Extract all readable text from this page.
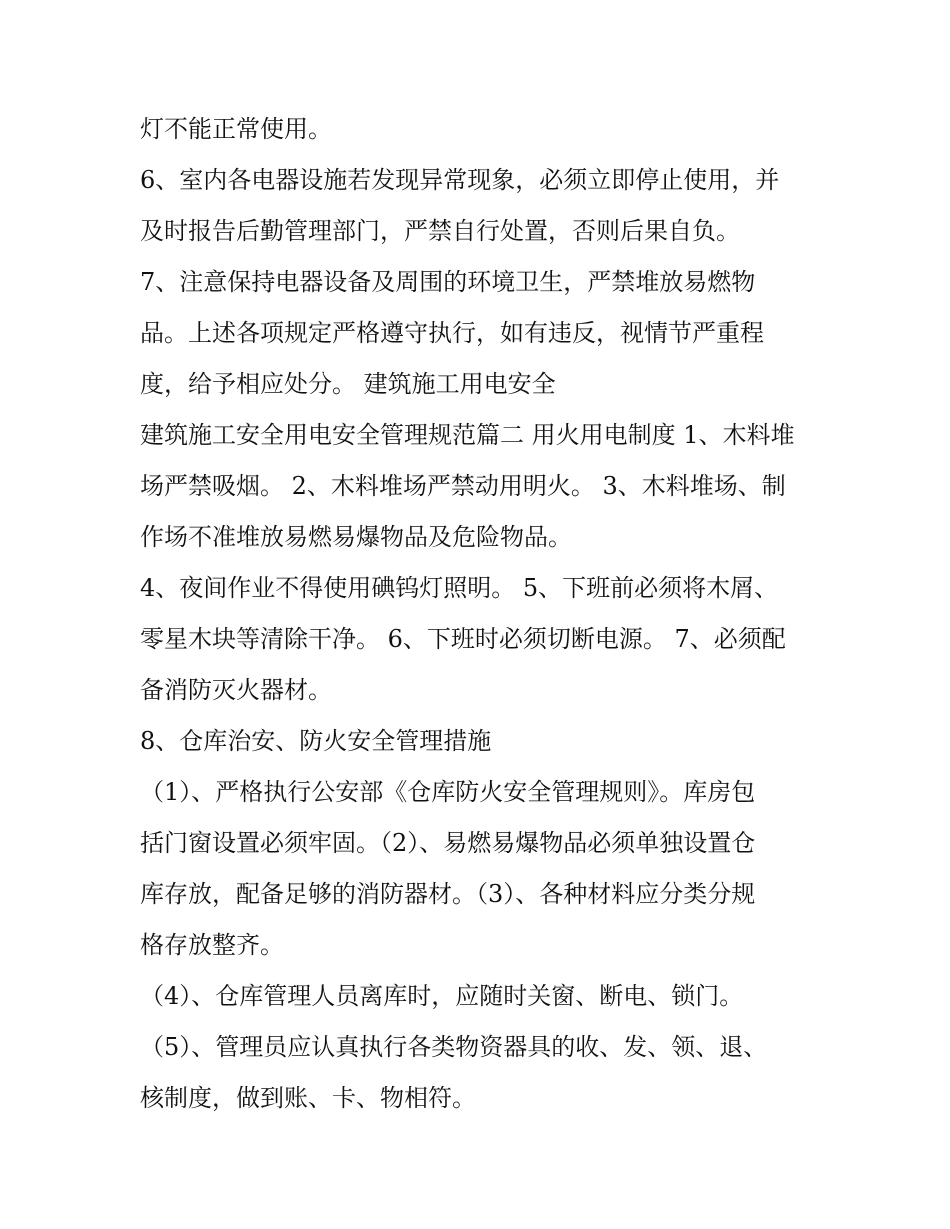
灯不能正常使用。
6、室内各电器设施若发现异常现象，必须立即停止使用，并
及时报告后勤管理部门，严禁自行处置，否则后果自负。
7、注意保持电器设备及周围的环境卫生，严禁堆放易燃物
品。上述各项规定严格遵守执行，如有违反，视情节严重程
度，给予相应处分。 建筑施工用电安全
建筑施工安全用电安全管理规范篇二 用火用电制度 1、木料堆
场严禁吸烟。 2、木料堆场严禁动用明火。 3、木料堆场、制
作场不准堆放易燃易爆物品及危险物品。
4、夜间作业不得使用碘钨灯照明。 5、下班前必须将木屑、
零星木块等清除干净。 6、下班时必须切断电源。 7、必须配
备消防灭火器材。
8、仓库治安、防火安全管理措施
（1）、严格执行公安部《仓库防火安全管理规则》。库房包
括门窗设置必须牢固。（2）、易燃易爆物品必须单独设置仓
库存放，配备足够的消防器材。（3）、各种材料应分类分规
格存放整齐。
（4）、仓库管理人员离库时，应随时关窗、断电、锁门。
（5）、管理员应认真执行各类物资器具的收、发、领、退、
核制度，做到账、卡、物相符。
